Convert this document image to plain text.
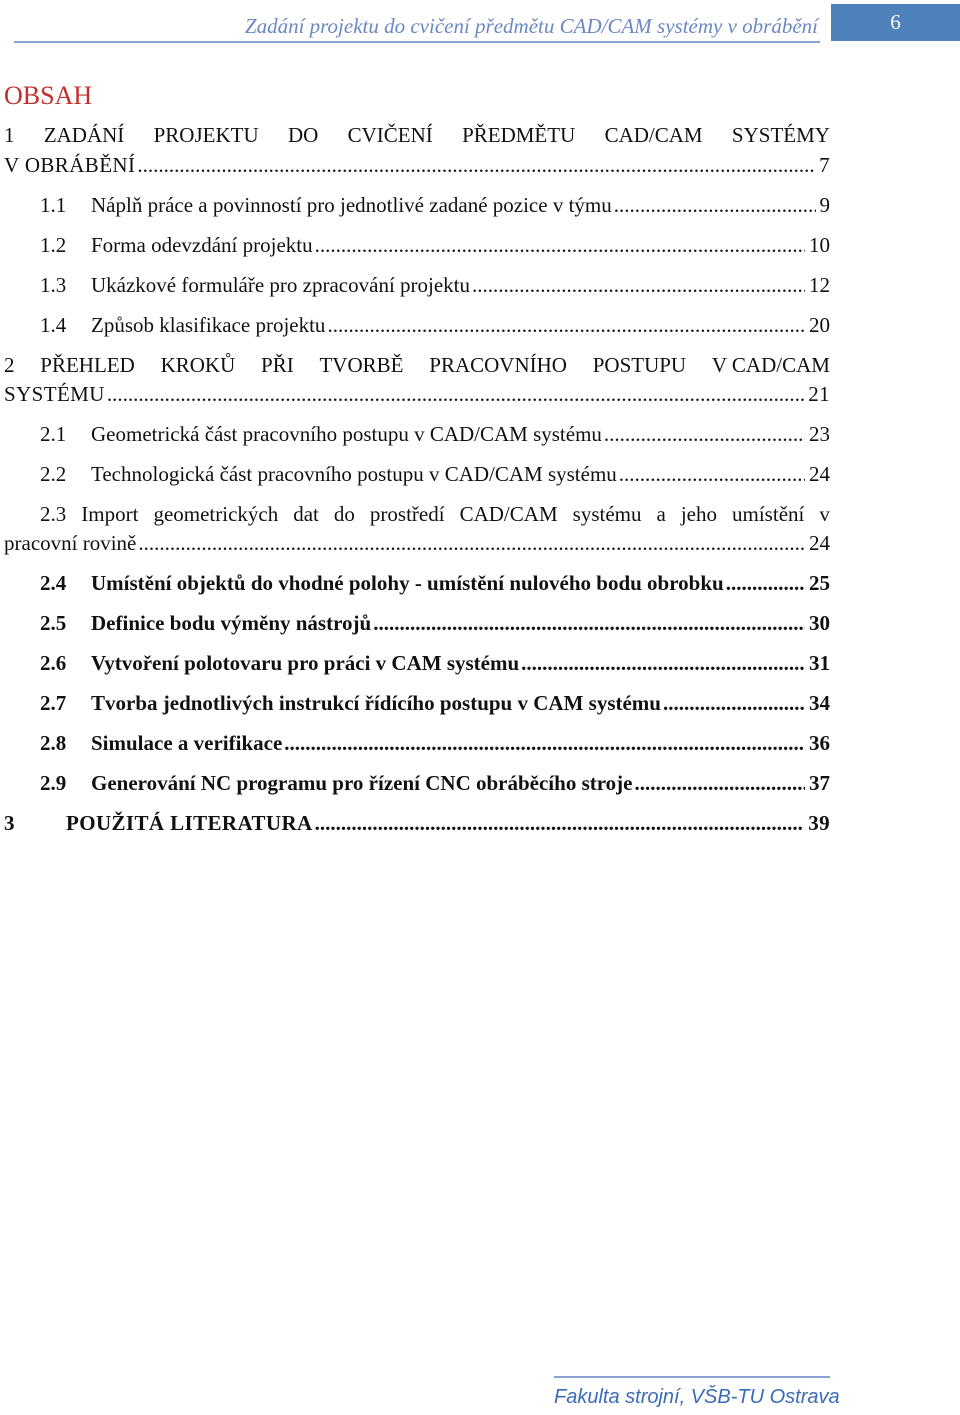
Zadání projektu do cvičení předmětu CAD/CAM systémy v obrábění	6
OBSAH
1 ZADÁNÍ PROJEKTU DO CVIČENÍ PŘEDMĚTU CAD/CAM SYSTÉMY
V OBRÁBĚNÍ .....	7
1.1	Náplň práce a povinností pro jednotlivé zadané pozice v týmu .....	9
1.2	Forma odevzdání projektu .....	10
1.3	Ukázkové formuláře pro zpracování projektu .....	12
1.4	Způsob klasifikace projektu .....	20
2 PŘEHLED KROKŮ PŘI TVORBĚ PRACOVNÍHO POSTUPU V CAD/CAM
SYSTÉMU .....	21
2.1	Geometrická část pracovního postupu v CAD/CAM systému .....	23
2.2	Technologická část pracovního postupu v CAD/CAM systému .....	24
2.3 Import geometrických dat do prostředí CAD/CAM systému a jeho umístění v
pracovní rovině .....	24
2.4	Umístění objektů do vhodné polohy - umístění nulového bodu obrobku .....	25
2.5	Definice bodu výměny nástrojů .....	30
2.6	Vytvoření polotovaru pro práci v CAM systému .....	31
2.7	Tvorba jednotlivých instrukcí řídícího postupu v CAM systému .....	34
2.8	Simulace a verifikace .....	36
2.9	Generování NC programu pro řízení CNC obráběcího stroje .....	37
3	POUŽITÁ LITERATURA .....	39
Fakulta strojní, VŠB-TU Ostrava
